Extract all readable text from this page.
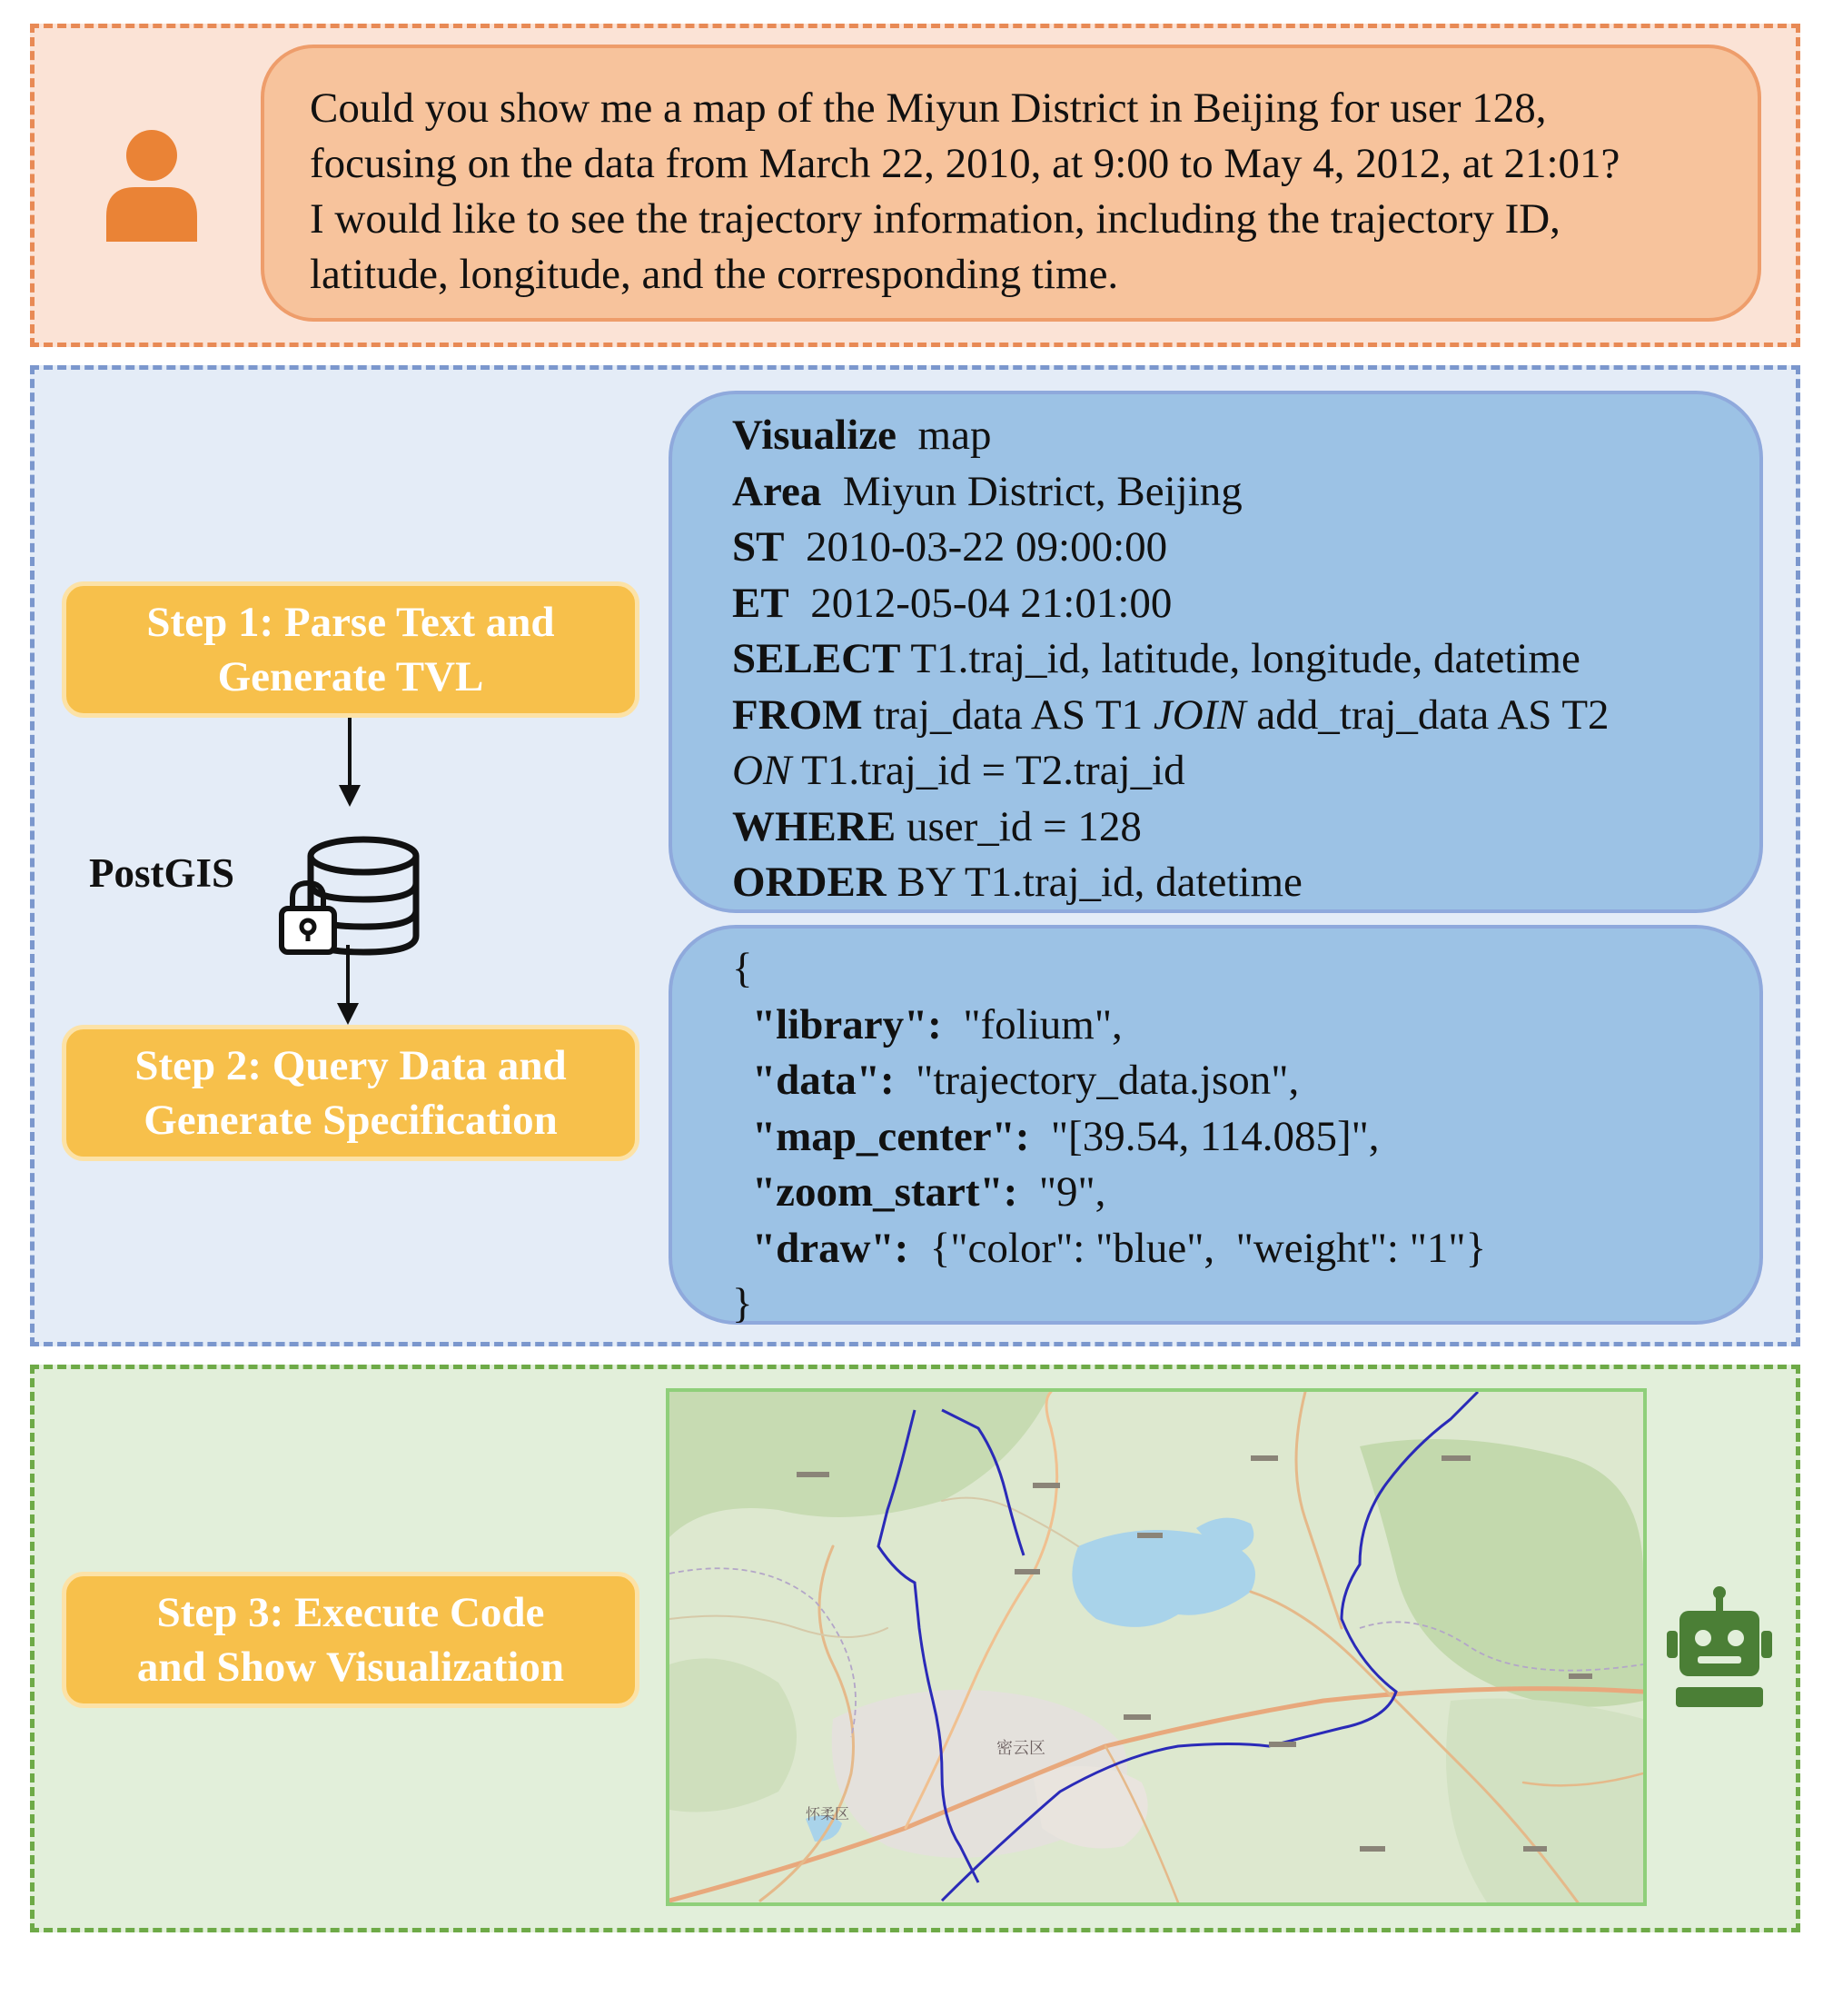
Could you show me a map of the Miyun District in Beijing for user 128,
focusing on the data from March 22, 2010, at 9:00 to May 4, 2012, at 21:01?
I would like to see the trajectory information, including the trajectory ID,
latitude, longitude, and the corresponding time.
Step 1: Parse Text and
Generate TVL
PostGIS
Step 2: Query Data and
Generate Specification
Visualize map
Area Miyun District, Beijing
ST 2010-03-22 09:00:00
ET 2012-05-04 21:01:00
SELECT T1.traj_id, latitude, longitude, datetime
FROM traj_data AS T1 JOIN add_traj_data AS T2
ON T1.traj_id = T2.traj_id
WHERE user_id = 128
ORDER BY T1.traj_id, datetime
{
"library": "folium",
"data": "trajectory_data.json",
"map_center": "[39.54, 114.085]",
"zoom_start": "9",
"draw": {"color": "blue",  "weight": "1"}
}
Step 3: Execute Code
and Show Visualization
密云区
怀柔区
